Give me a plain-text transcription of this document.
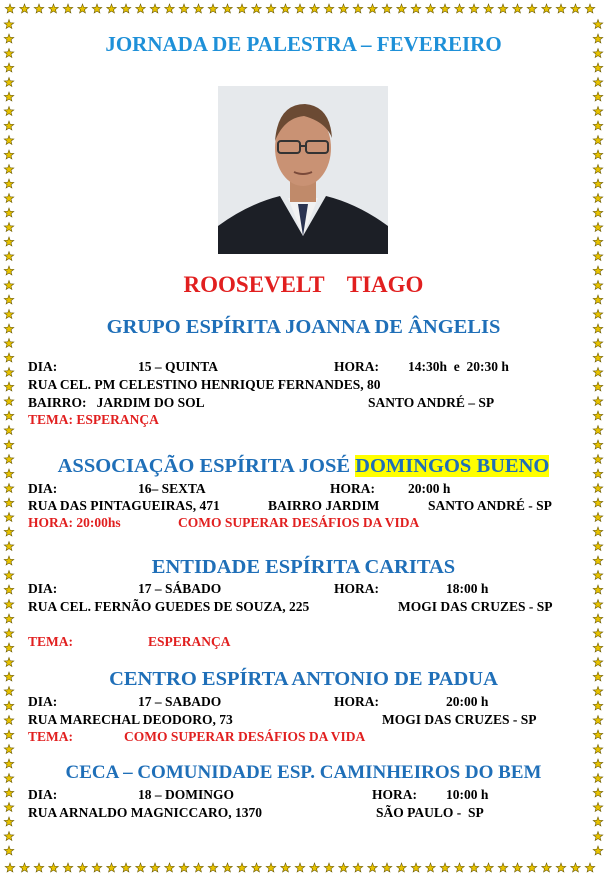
JORNADA DE PALESTRA – FEVEREIRO
ROOSEVELT    TIAGO
GRUPO ESPÍRITA JOANNA DE ÂNGELIS
DIA:	15 – QUINTA	HORA: 14:30h  e  20:30 h
RUA CEL. PM CELESTINO HENRIQUE FERNANDES, 80
BAIRRO:   JARDIM DO SOL	SANTO ANDRÉ – SP
TEMA: ESPERANÇA
ASSOCIAÇÃO ESPÍRITA JOSÉ DOMINGOS BUENO
DIA:	16– SEXTA	HORA: 20:00 h
RUA DAS PINTAGUEIRAS, 471	BAIRRO JARDIM	SANTO ANDRÉ - SP
HORA: 20:00hs	COMO SUPERAR DESÁFIOS DA VIDA
ENTIDADE ESPÍRITA CARITAS
DIA:	17 – SÁBADO	HORA:	18:00 h
RUA CEL. FERNÃO GUEDES DE SOUZA, 225	MOGI DAS CRUZES - SP
TEMA:	ESPERANÇA
CENTRO ESPÍRTA ANTONIO DE PADUA
DIA:	17 – SABADO	HORA:	20:00 h
RUA MARECHAL DEODORO, 73	MOGI DAS CRUZES - SP
TEMA:	COMO SUPERAR DESÁFIOS DA VIDA
CECA – COMUNIDADE ESP. CAMINHEIROS DO BEM
DIA:	18 – DOMINGO	HORA: 10:00 h
RUA ARNALDO MAGNICCARO, 1370	SÃO PAULO -  SP
